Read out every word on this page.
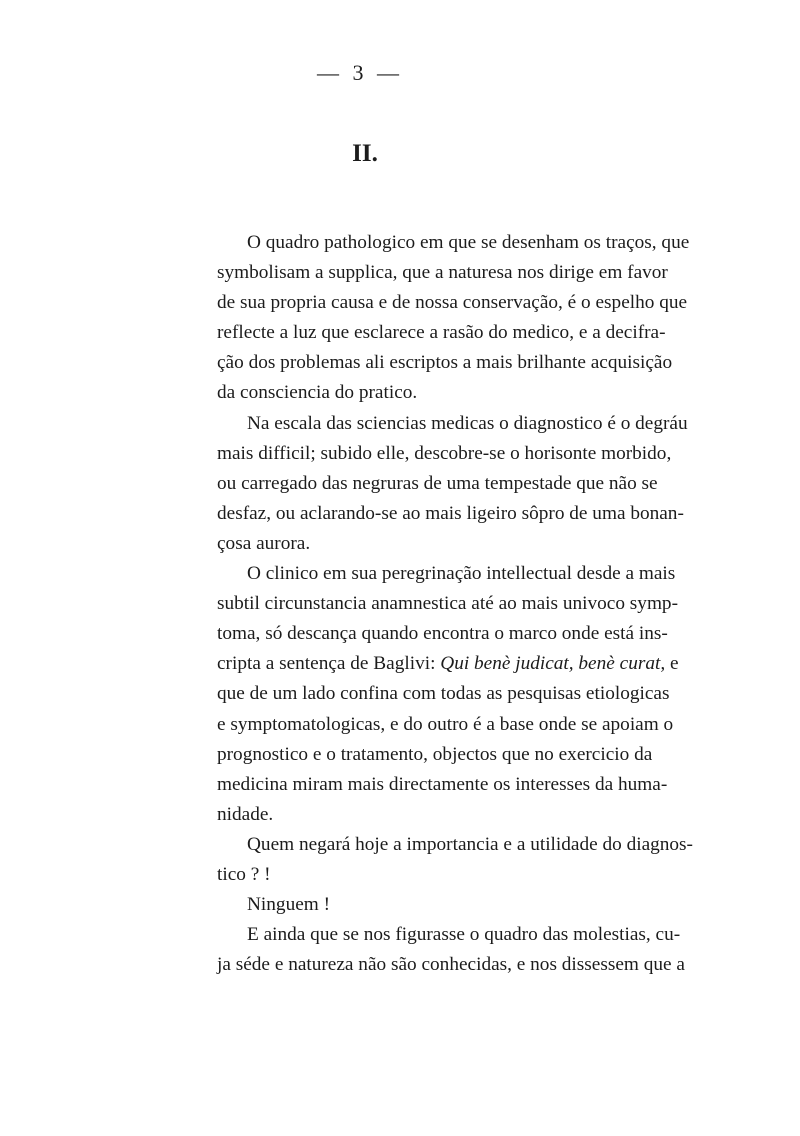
— 3 —
II.
O quadro pathologico em que se desenham os traços, que
symbolisam a supplica, que a naturesa nos dirige em favor
de sua propria causa e de nossa conservação, é o espelho que
reflecte a luz que esclarece a rasão do medico, e a decifra-
ção dos problemas ali escriptos a mais brilhante acquisição
da consciencia do pratico.
Na escala das sciencias medicas o diagnostico é o degráu
mais difficil; subido elle, descobre-se o horisonte morbido,
ou carregado das negruras de uma tempestade que não se
desfaz, ou aclarando-se ao mais ligeiro sôpro de uma bonan-
çosa aurora.
O clinico em sua peregrinação intellectual desde a mais
subtil circunstancia anamnestica até ao mais univoco symp-
toma, só descança quando encontra o marco onde está ins-
cripta a sentença de Baglivi: Qui benè judicat, benè curat, e
que de um lado confina com todas as pesquisas etiologicas
e symptomatologicas, e do outro é a base onde se apoiam o
prognostico e o tratamento, objectos que no exercicio da
medicina miram mais directamente os interesses da huma-
nidade.
Quem negará hoje a importancia e a utilidade do diagnos-
tico ? !
Ninguem !
E ainda que se nos figurasse o quadro das molestias, cu-
ja séde e natureza não são conhecidas, e nos dissessem que a
